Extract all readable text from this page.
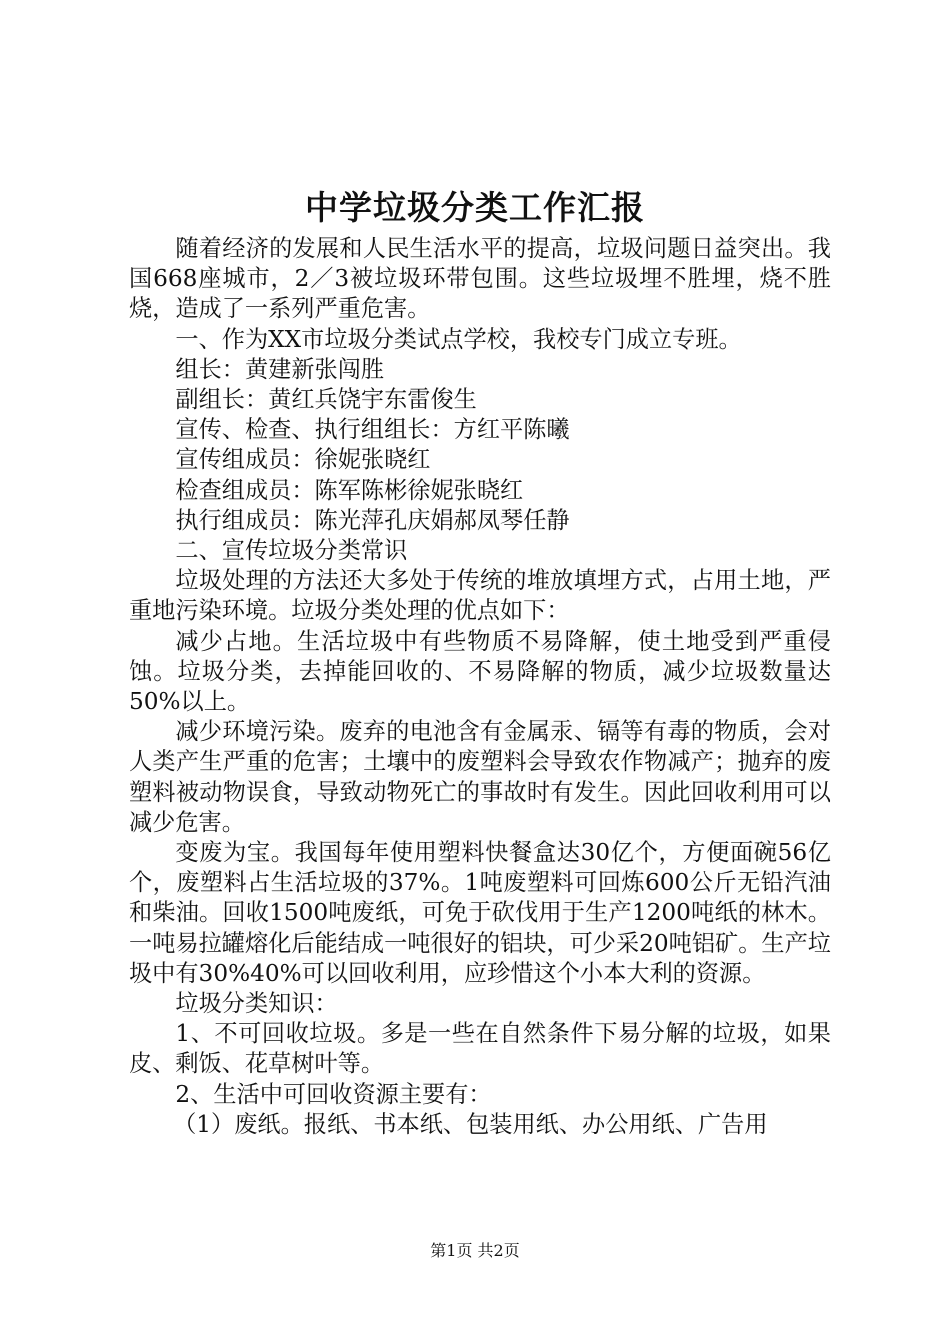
中学垃圾分类工作汇报

随着经济的发展和人民生活水平的提高，垃圾问题日益突出。我国668座城市，2／3被垃圾环带包围。这些垃圾埋不胜埋，烧不胜烧，造成了一系列严重危害。

一、作为XX市垃圾分类试点学校，我校专门成立专班。

组长：黄建新张闯胜

副组长：黄红兵饶宇东雷俊生

宣传、检查、执行组组长：方红平陈曦

宣传组成员：徐妮张晓红

检查组成员：陈军陈彬徐妮张晓红

执行组成员：陈光萍孔庆娟郝凤琴任静

二、宣传垃圾分类常识

垃圾处理的方法还大多处于传统的堆放填埋方式，占用土地，严重地污染环境。垃圾分类处理的优点如下：

减少占地。生活垃圾中有些物质不易降解，使土地受到严重侵蚀。垃圾分类，去掉能回收的、不易降解的物质，减少垃圾数量达50%以上。

减少环境污染。废弃的电池含有金属汞、镉等有毒的物质，会对人类产生严重的危害；土壤中的废塑料会导致农作物减产；抛弃的废塑料被动物误食，导致动物死亡的事故时有发生。因此回收利用可以减少危害。

变废为宝。我国每年使用塑料快餐盒达30亿个，方便面碗56亿个，废塑料占生活垃圾的37%。1吨废塑料可回炼600公斤无铅汽油和柴油。回收1500吨废纸，可免于砍伐用于生产1200吨纸的林木。一吨易拉罐熔化后能结成一吨很好的铝块，可少采20吨铝矿。生产垃圾中有30%40%可以回收利用，应珍惜这个小本大利的资源。

垃圾分类知识：

1、不可回收垃圾。多是一些在自然条件下易分解的垃圾，如果皮、剩饭、花草树叶等。

2、生活中可回收资源主要有：

（1）废纸。报纸、书本纸、包装用纸、办公用纸、广告用

第1页 共2页
